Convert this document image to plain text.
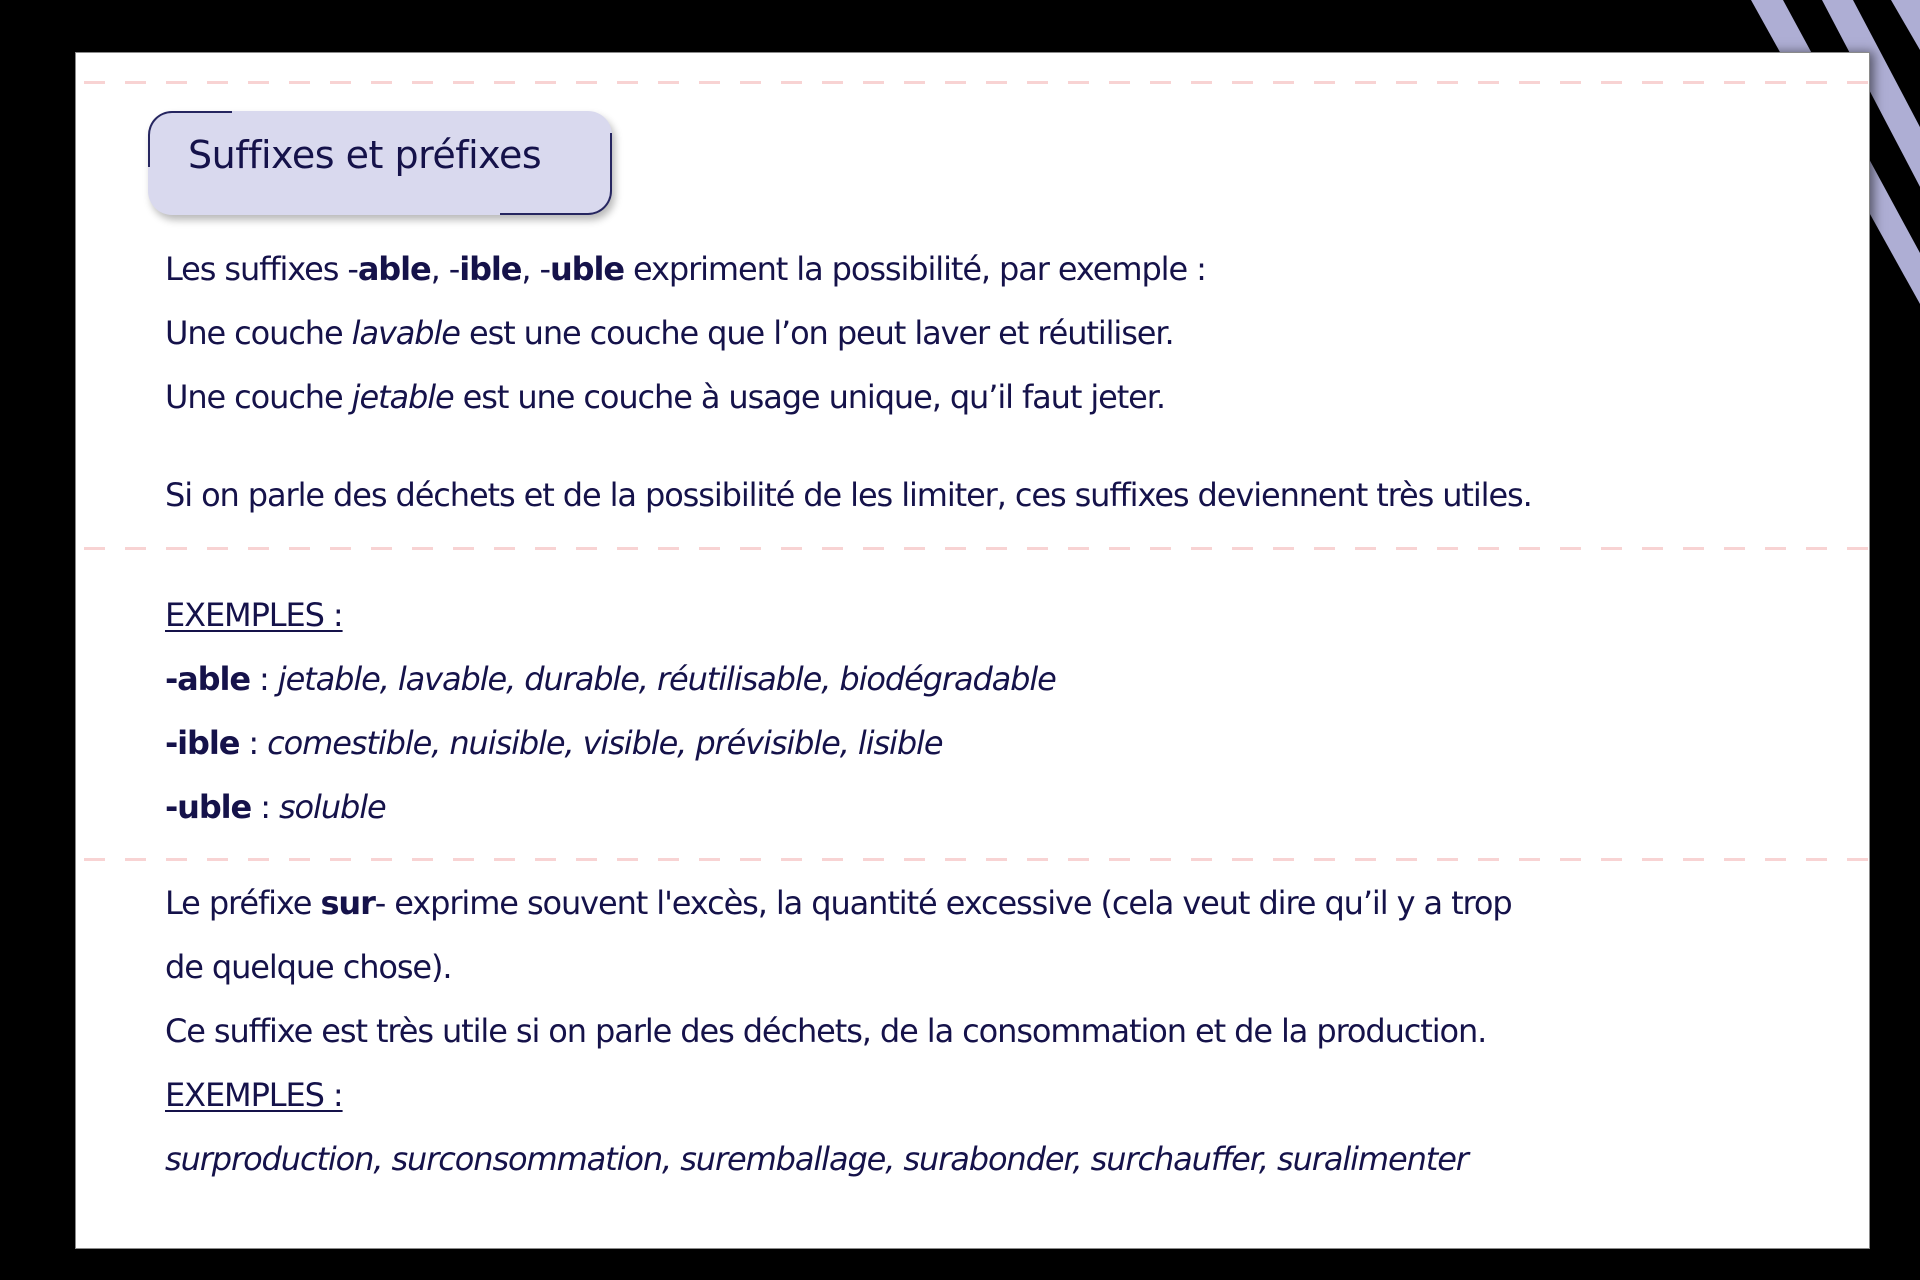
Suffixes et préfixes
Les suffixes -able, -ible, -uble expriment la possibilité, par exemple :
Une couche lavable est une couche que l’on peut laver et réutiliser.
Une couche jetable est une couche à usage unique, qu’il faut jeter.
Si on parle des déchets et de la possibilité de les limiter, ces suffixes deviennent très utiles.
EXEMPLES :
-able : jetable, lavable, durable, réutilisable, biodégradable
-ible : comestible, nuisible, visible, prévisible, lisible
-uble : soluble
Le préfixe sur- exprime souvent l'excès, la quantité excessive (cela veut dire qu’il y a trop
de quelque chose).
Ce suffixe est très utile si on parle des déchets, de la consommation et de la production.
EXEMPLES :
surproduction, surconsommation, suremballage, surabonder, surchauffer, suralimenter
